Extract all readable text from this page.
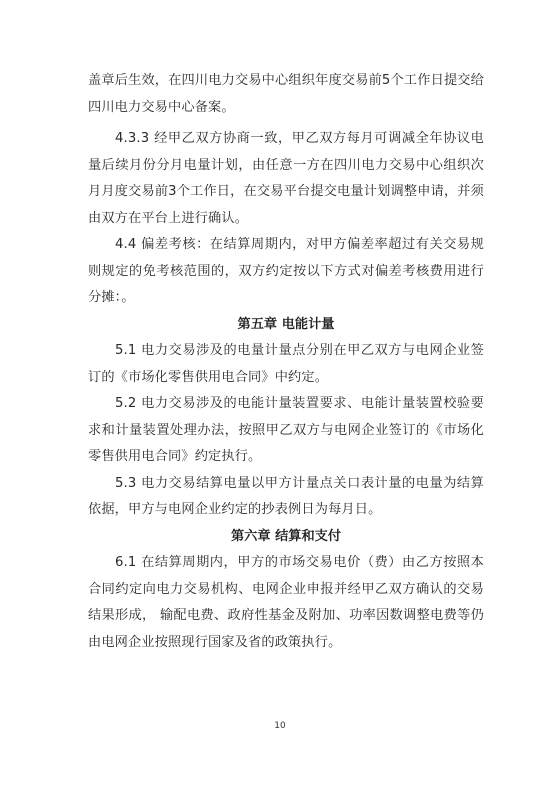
盖章后生效，在四川电力交易中心组织年度交易前5个工作日提交给四川电力交易中心备案。

4.3.3 经甲乙双方协商一致，甲乙双方每月可调减全年协议电量后续月份分月电量计划，由任意一方在四川电力交易中心组织次月月度交易前3个工作日，在交易平台提交电量计划调整申请，并须由双方在平台上进行确认。

4.4 偏差考核：在结算周期内，对甲方偏差率超过有关交易规则规定的免考核范围的，双方约定按以下方式对偏差考核费用进行分摊：。

第五章 电能计量

5.1 电力交易涉及的电量计量点分别在甲乙双方与电网企业签订的《市场化零售供用电合同》中约定。

5.2 电力交易涉及的电能计量装置要求、电能计量装置校验要求和计量装置处理办法，按照甲乙双方与电网企业签订的《市场化零售供用电合同》约定执行。

5.3 电力交易结算电量以甲方计量点关口表计量的电量为结算依据，甲方与电网企业约定的抄表例日为每月日。

第六章 结算和支付

6.1 在结算周期内，甲方的市场交易电价（费）由乙方按照本合同约定向电力交易机构、电网企业申报并经甲乙双方确认的交易结果形成， 输配电费、政府性基金及附加、功率因数调整电费等仍由电网企业按照现行国家及省的政策执行。

10
